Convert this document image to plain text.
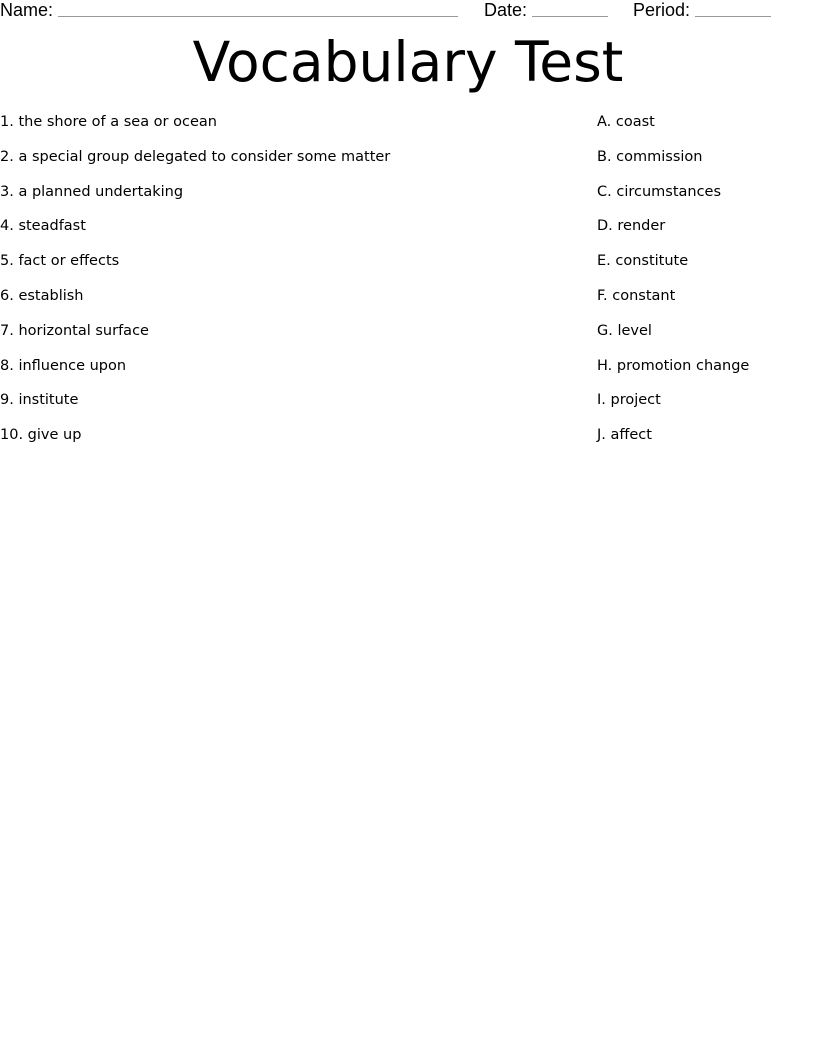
Name:	Date:	Period:
Vocabulary Test
1. the shore of a sea or ocean
2. a special group delegated to consider some matter
3. a planned undertaking
4. steadfast
5. fact or effects
6. establish
7. horizontal surface
8. influence upon
9. institute
10. give up
A. coast
B. commission
C. circumstances
D. render
E. constitute
F. constant
G. level
H. promotion change
I. project
J. affect
